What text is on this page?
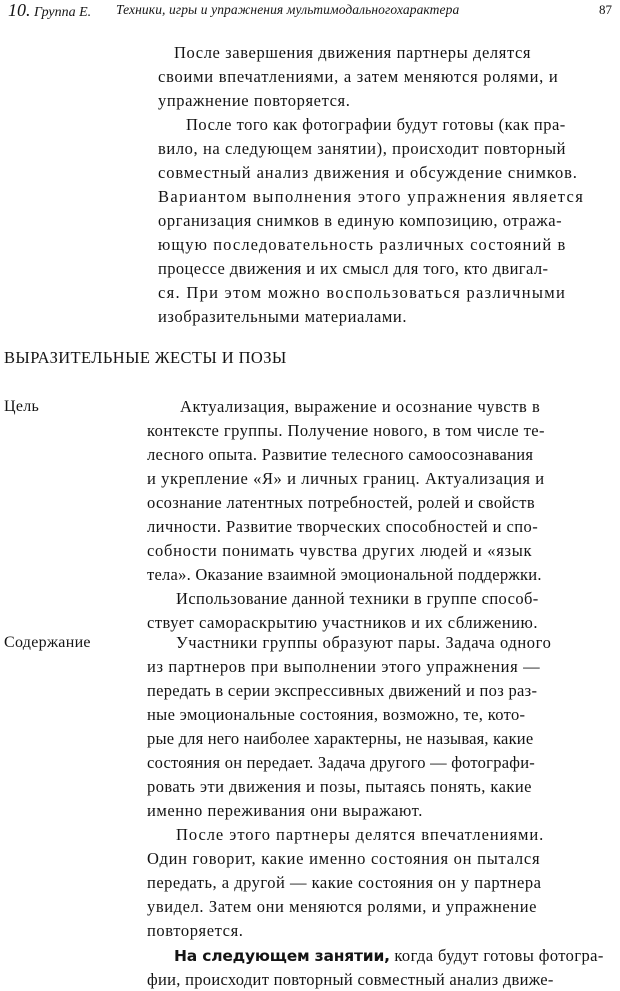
10. Группа Е. Техники, игры и упражнения мультимодальногохарактера	87
После завершения движения партнеры делятся
своими впечатлениями, а затем меняются ролями, и
упражнение повторяется.
После того как фотографии будут готовы (как пра-
вило, на следующем занятии), происходит повторный
совместный анализ движения и обсуждение снимков.
Вариантом выполнения этого упражнения является
организация снимков в единую композицию, отража-
ющую последовательность различных состояний в
процессе движения и их смысл для того, кто двигал-
ся. При этом можно воспользоваться различными
изобразительными материалами.
ВЫРАЗИТЕЛЬНЫЕ ЖЕСТЫ И ПОЗЫ
Цель	Актуализация, выражение и осознание чувств в
контексте группы. Получение нового, в том числе те-
лесного опыта. Развитие телесного самоосознавания
и укрепление «Я» и личных границ. Актуализация и
осознание латентных потребностей, ролей и свойств
личности. Развитие творческих способностей и спо-
собности понимать чувства других людей и «язык
тела». Оказание взаимной эмоциональной поддержки.
Использование данной техники в группе способ-
ствует самораскрытию участников и их сближению.
Содержание	Участники группы образуют пары. Задача одного
из партнеров при выполнении этого упражнения —
передать в серии экспрессивных движений и поз раз-
ные эмоциональные состояния, возможно, те, кото-
рые для него наиболее характерны, не называя, какие
состояния он передает. Задача другого — фотографи-
ровать эти движения и позы, пытаясь понять, какие
именно переживания они выражают.
После этого партнеры делятся впечатлениями.
Один говорит, какие именно состояния он пытался
передать, а другой — какие состояния он у партнера
увидел. Затем они меняются ролями, и упражнение
повторяется.
На следующем занятии, когда будут готовы фотогра-
фии, происходит повторный совместный анализ движе-
